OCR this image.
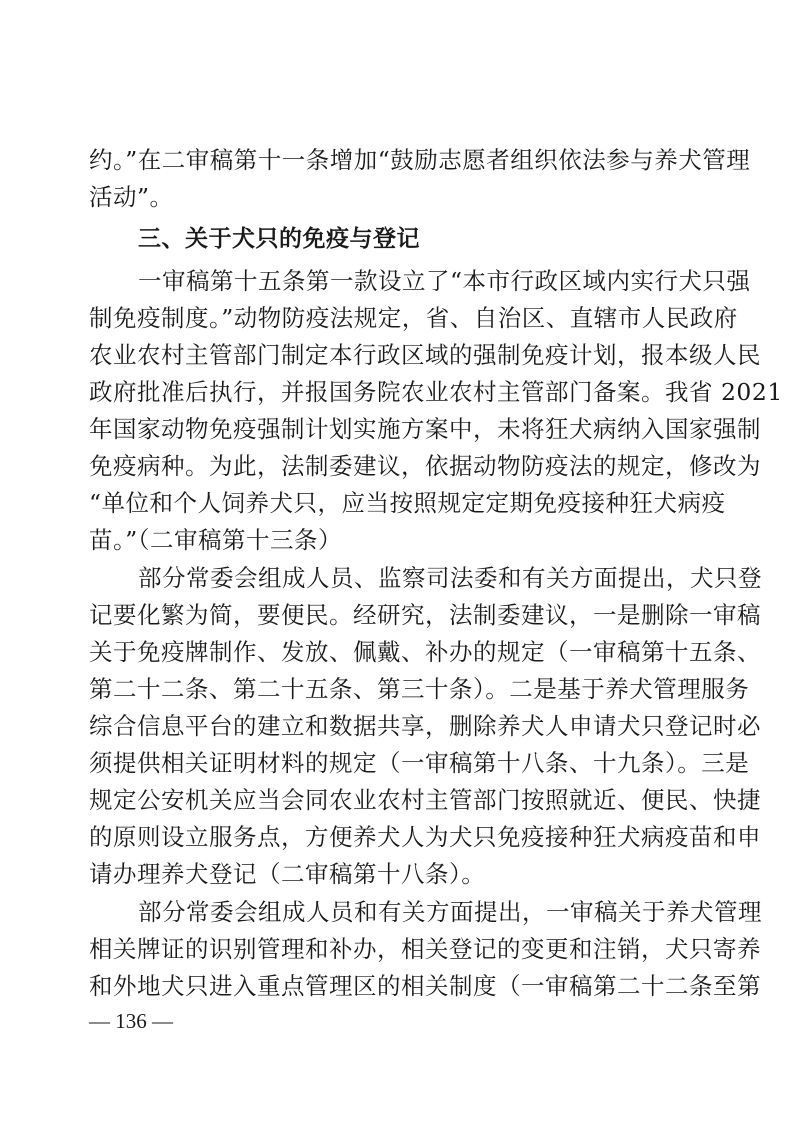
约。”在二审稿第十一条增加“鼓励志愿者组织依法参与养犬管理
活动”。
三、关于犬只的免疫与登记
一审稿第十五条第一款设立了“本市行政区域内实行犬只强
制免疫制度。”动物防疫法规定，省、自治区、直辖市人民政府
农业农村主管部门制定本行政区域的强制免疫计划，报本级人民
政府批准后执行，并报国务院农业农村主管部门备案。我省 2021
年国家动物免疫强制计划实施方案中，未将狂犬病纳入国家强制
免疫病种。为此，法制委建议，依据动物防疫法的规定，修改为
“单位和个人饲养犬只，应当按照规定定期免疫接种狂犬病疫
苗。”（二审稿第十三条）
部分常委会组成人员、监察司法委和有关方面提出，犬只登
记要化繁为简，要便民。经研究，法制委建议，一是删除一审稿
关于免疫牌制作、发放、佩戴、补办的规定（一审稿第十五条、
第二十二条、第二十五条、第三十条）。二是基于养犬管理服务
综合信息平台的建立和数据共享，删除养犬人申请犬只登记时必
须提供相关证明材料的规定（一审稿第十八条、十九条）。三是
规定公安机关应当会同农业农村主管部门按照就近、便民、快捷
的原则设立服务点，方便养犬人为犬只免疫接种狂犬病疫苗和申
请办理养犬登记（二审稿第十八条）。
部分常委会组成人员和有关方面提出，一审稿关于养犬管理
相关牌证的识别管理和补办，相关登记的变更和注销，犬只寄养
和外地犬只进入重点管理区的相关制度（一审稿第二十二条至第
— 136 —
